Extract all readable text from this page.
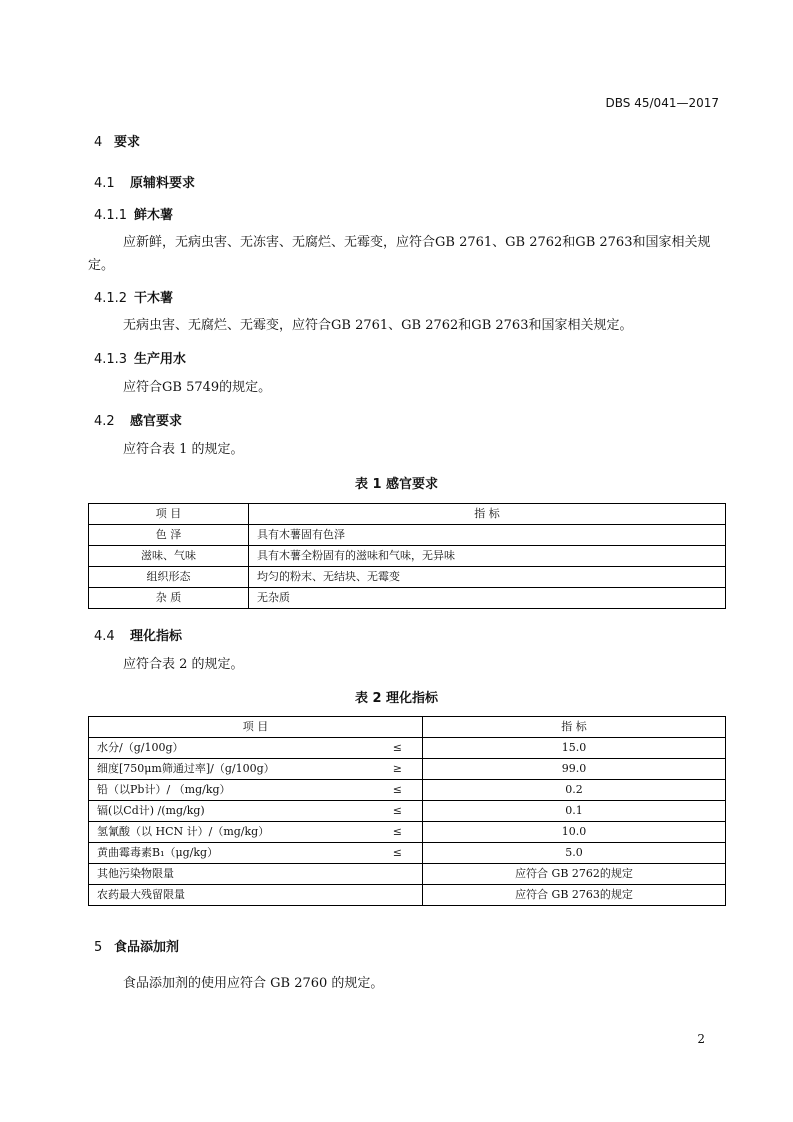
DBS 45/041—2017
4 要求
4.1 原辅料要求
4.1.1 鲜木薯
应新鲜，无病虫害、无冻害、无腐烂、无霉变，应符合GB 2761、GB 2762和GB 2763和国家相关规定。
4.1.2 干木薯
无病虫害、无腐烂、无霉变，应符合GB 2761、GB 2762和GB 2763和国家相关规定。
4.1.3 生产用水
应符合GB 5749的规定。
4.2 感官要求
应符合表 1 的规定。
表 1 感官要求
项 目	指 标
色 泽	具有木薯固有色泽
滋味、气味	具有木薯全粉固有的滋味和气味，无异味
组织形态	均匀的粉末、无结块、无霉变
杂 质	无杂质
4.4 理化指标
应符合表 2 的规定。
表 2 理化指标
项 目	指 标

水分/（g/100g） ≤	15.0

细度[750μm筛通过率]/（g/100g） ≥	99.0

铅（以Pb计）/ （mg/kg） ≤	0.2

镉(以Cd计) /(mg/kg) ≤	0.1

氢氰酸（以 HCN 计）/（mg/kg） ≤	10.0

黄曲霉毒素B₁（μg/kg） ≤	5.0

其他污染物限量	应符合 GB 2762的规定

农药最大残留限量	应符合 GB 2763的规定
5 食品添加剂
食品添加剂的使用应符合 GB 2760 的规定。
2
